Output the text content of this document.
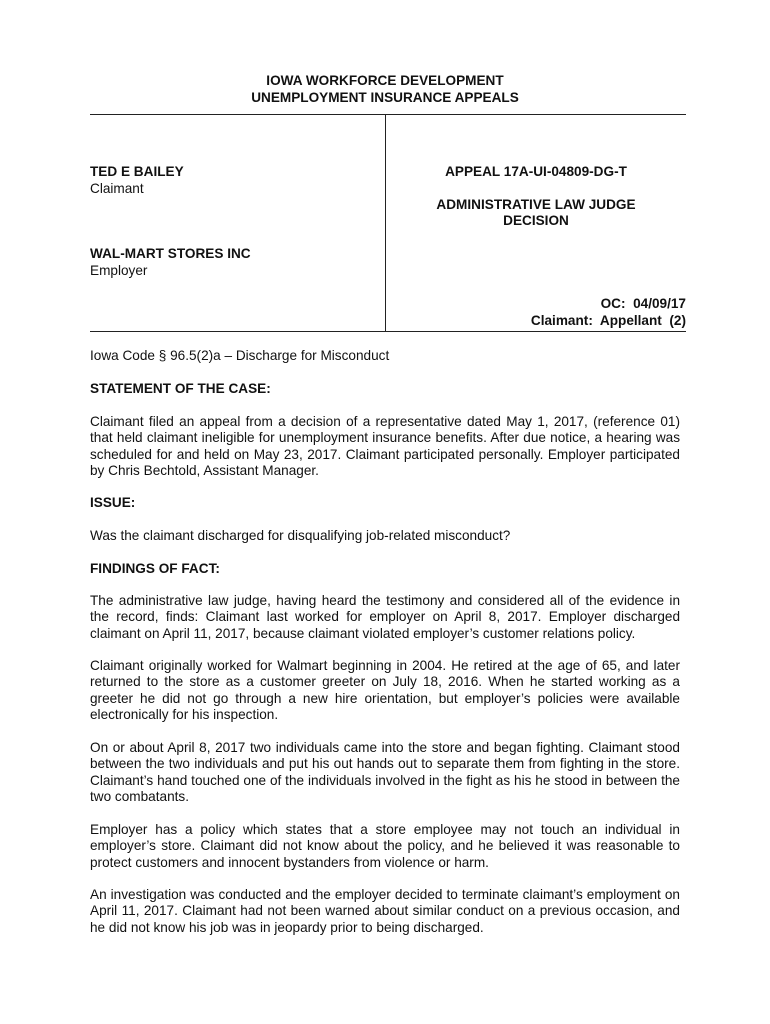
IOWA WORKFORCE DEVELOPMENT
UNEMPLOYMENT INSURANCE APPEALS
TED E BAILEY
Claimant
WAL-MART STORES INC
Employer
APPEAL 17A-UI-04809-DG-T
ADMINISTRATIVE LAW JUDGE
DECISION
OC:  04/09/17
Claimant:  Appellant  (2)
Iowa Code § 96.5(2)a – Discharge for Misconduct
STATEMENT OF THE CASE:

Claimant filed an appeal from a decision of a representative dated May 1, 2017, (reference 01) that held claimant ineligible for unemployment insurance benefits. After due notice, a hearing was scheduled for and held on May 23, 2017. Claimant participated personally. Employer participated by Chris Bechtold, Assistant Manager.

ISSUE:

Was the claimant discharged for disqualifying job-related misconduct?

FINDINGS OF FACT:

The administrative law judge, having heard the testimony and considered all of the evidence in the record, finds: Claimant last worked for employer on April 8, 2017. Employer discharged claimant on April 11, 2017, because claimant violated employer’s customer relations policy.

Claimant originally worked for Walmart beginning in 2004. He retired at the age of 65, and later returned to the store as a customer greeter on July 18, 2016. When he started working as a greeter he did not go through a new hire orientation, but employer’s policies were available electronically for his inspection.

On or about April 8, 2017 two individuals came into the store and began fighting. Claimant stood between the two individuals and put his out hands out to separate them from fighting in the store. Claimant’s hand touched one of the individuals involved in the fight as his he stood in between the two combatants.

Employer has a policy which states that a store employee may not touch an individual in employer’s store. Claimant did not know about the policy, and he believed it was reasonable to protect customers and innocent bystanders from violence or harm.

An investigation was conducted and the employer decided to terminate claimant’s employment on April 11, 2017. Claimant had not been warned about similar conduct on a previous occasion, and he did not know his job was in jeopardy prior to being discharged.
